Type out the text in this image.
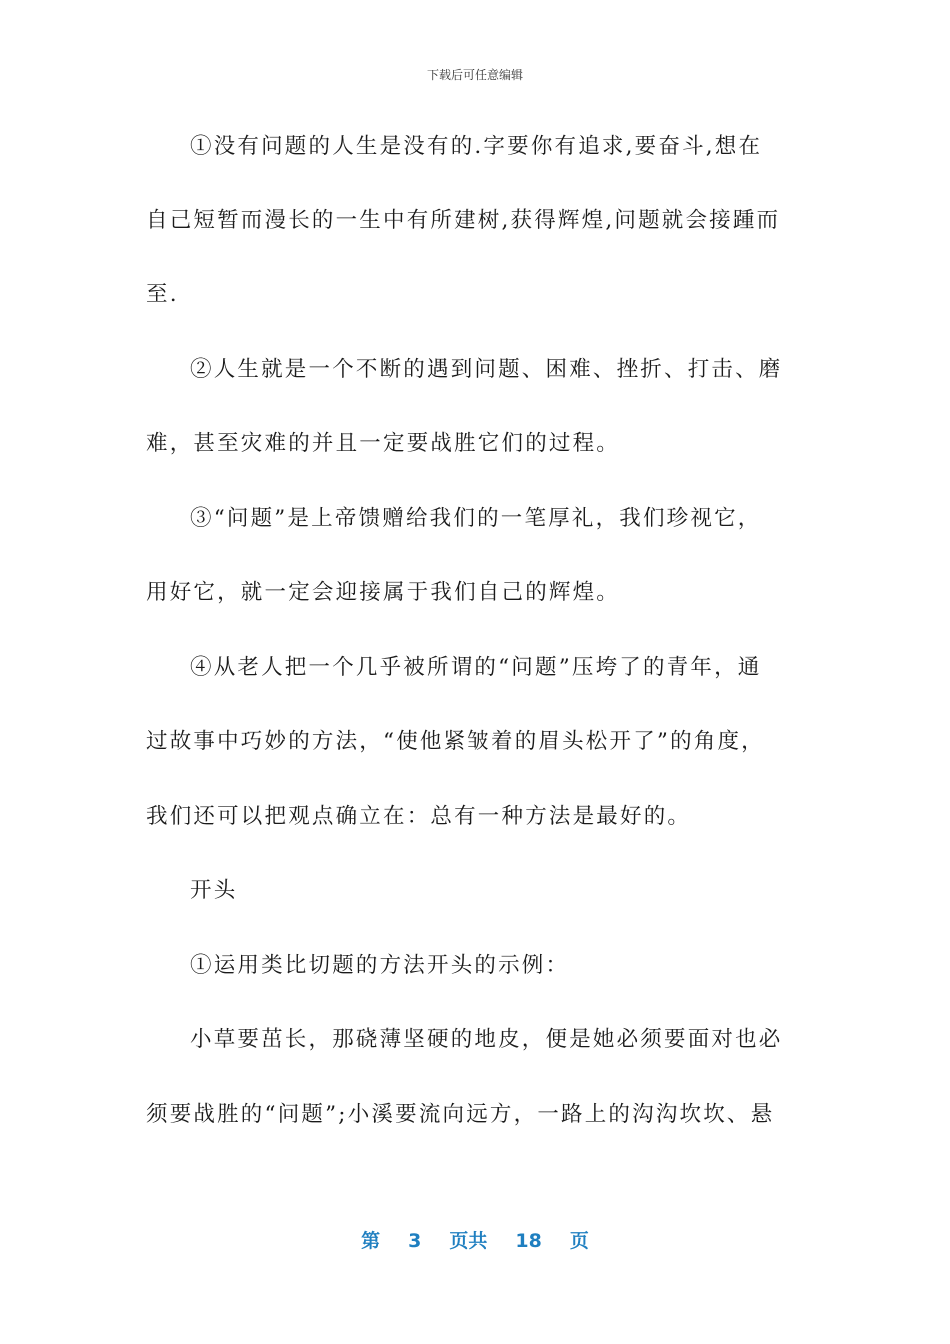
下载后可任意编辑
①没有问题的人生是没有的.字要你有追求,要奋斗,想在
自己短暂而漫长的一生中有所建树,获得辉煌,问题就会接踵而
至.
②人生就是一个不断的遇到问题、困难、挫折、打击、磨
难，甚至灾难的并且一定要战胜它们的过程。
③“问题”是上帝馈赠给我们的一笔厚礼，我们珍视它，
用好它，就一定会迎接属于我们自己的辉煌。
④从老人把一个几乎被所谓的“问题”压垮了的青年，通
过故事中巧妙的方法，“使他紧皱着的眉头松开了”的角度，
我们还可以把观点确立在：总有一种方法是最好的。
开头
①运用类比切题的方法开头的示例：
小草要茁长，那硗薄坚硬的地皮，便是她必须要面对也必
须要战胜的“问题”;小溪要流向远方，一路上的沟沟坎坎、悬
第 3 页共 18 页
